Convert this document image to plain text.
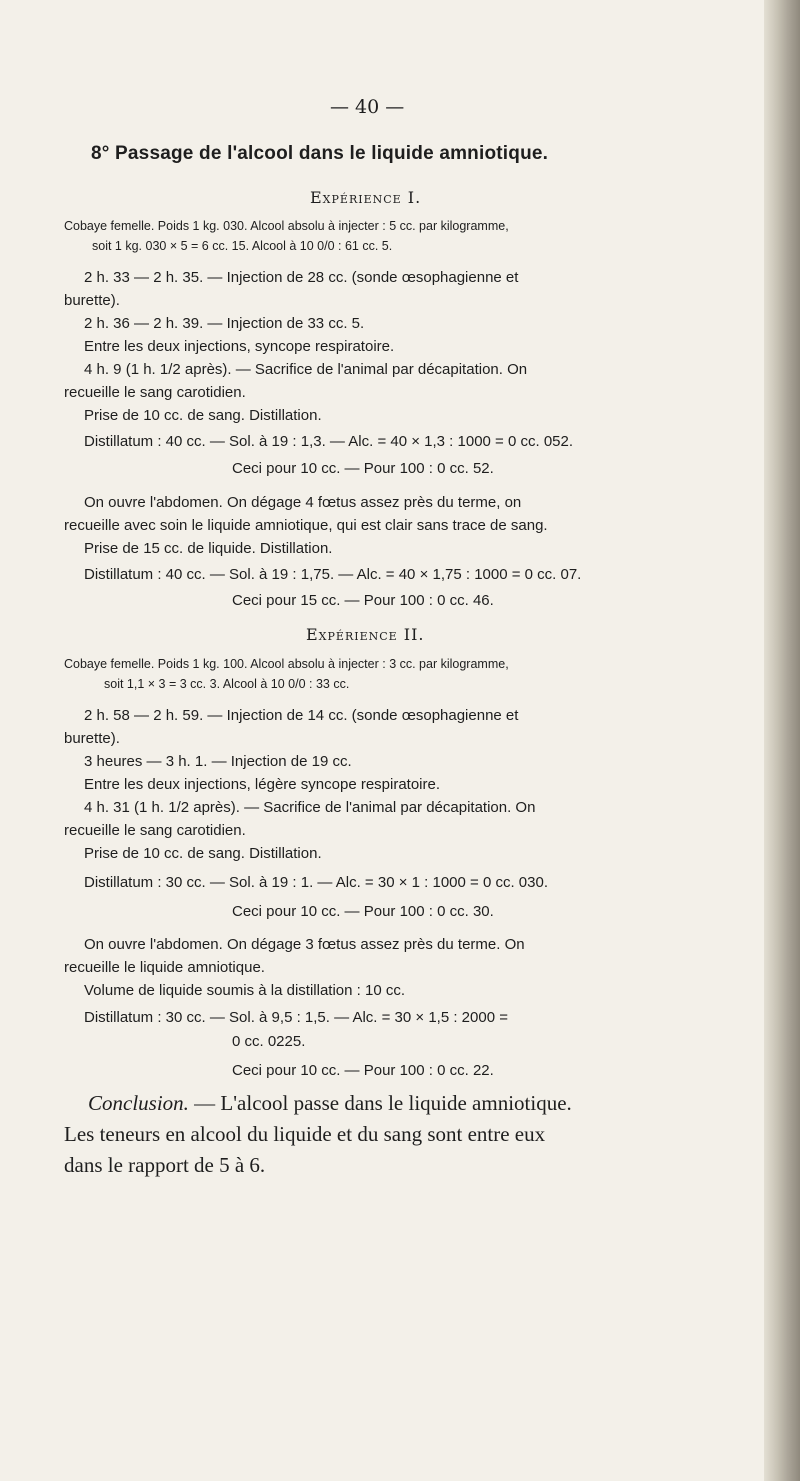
— 40 —
8° Passage de l'alcool dans le liquide amniotique.
Expérience I.
Cobaye femelle. Poids 1 kg. 030. Alcool absolu à injecter : 5 cc. par kilogramme,
soit 1 kg. 030 × 5 = 6 cc. 15. Alcool à 10 0/0 : 61 cc. 5.
2 h. 33 — 2 h. 35. — Injection de 28 cc. (sonde œsophagienne et
burette).
2 h. 36 — 2 h. 39. — Injection de 33 cc. 5.
Entre les deux injections, syncope respiratoire.
4 h. 9 (1 h. 1/2 après). — Sacrifice de l'animal par décapitation. On
recueille le sang carotidien.
Prise de 10 cc. de sang. Distillation.
Distillatum : 40 cc. — Sol. à 19 : 1,3. — Alc. = 40 × 1,3 : 1000 = 0 cc. 052.
Ceci pour 10 cc. — Pour 100 : 0 cc. 52.
On ouvre l'abdomen. On dégage 4 fœtus assez près du terme, on
recueille avec soin le liquide amniotique, qui est clair sans trace de sang.
Prise de 15 cc. de liquide. Distillation.
Distillatum : 40 cc. — Sol. à 19 : 1,75. — Alc. = 40 × 1,75 : 1000 = 0 cc. 07.
Ceci pour 15 cc. — Pour 100 : 0 cc. 46.
Expérience II.
Cobaye femelle. Poids 1 kg. 100. Alcool absolu à injecter : 3 cc. par kilogramme,
soit 1,1 × 3 = 3 cc. 3. Alcool à 10 0/0 : 33 cc.
2 h. 58 — 2 h. 59. — Injection de 14 cc. (sonde œsophagienne et
burette).
3 heures — 3 h. 1. — Injection de 19 cc.
Entre les deux injections, légère syncope respiratoire.
4 h. 31 (1 h. 1/2 après). — Sacrifice de l'animal par décapitation. On
recueille le sang carotidien.
Prise de 10 cc. de sang. Distillation.
Distillatum : 30 cc. — Sol. à 19 : 1. — Alc. = 30 × 1 : 1000 = 0 cc. 030.
Ceci pour 10 cc. — Pour 100 : 0 cc. 30.
On ouvre l'abdomen. On dégage 3 fœtus assez près du terme. On
recueille le liquide amniotique.
Volume de liquide soumis à la distillation : 10 cc.
Distillatum : 30 cc. — Sol. à 9,5 : 1,5. — Alc. = 30 × 1,5 : 2000 =
0 cc. 0225.
Ceci pour 10 cc. — Pour 100 : 0 cc. 22.
Conclusion. — L'alcool passe dans le liquide amniotique.
Les teneurs en alcool du liquide et du sang sont entre eux
dans le rapport de 5 à 6.
